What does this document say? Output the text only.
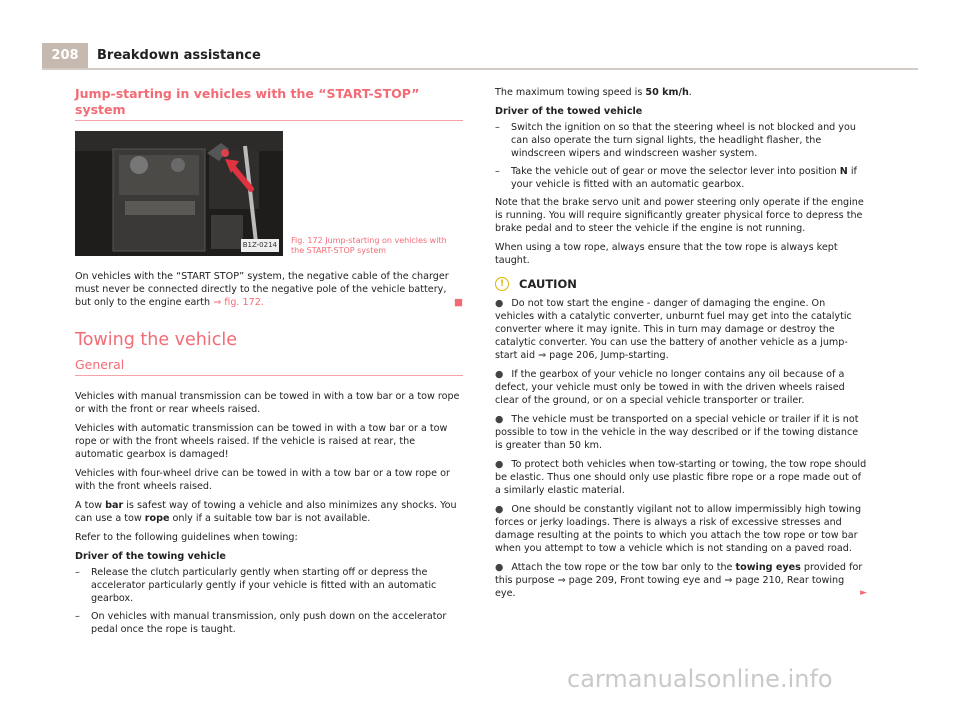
208	Breakdown assistance
Jump-starting in vehicles with the “START-STOP” system
B1Z-0214 Fig. 172 Jump-starting on vehicles with the START-STOP system

On vehicles with the “START STOP” system, the negative cable of the charger must never be connected directly to the negative pole of the vehicle battery, but only to the engine earth ⇒ fig. 172.	■

Towing the vehicle
General

Vehicles with manual transmission can be towed in with a tow bar or a tow rope or with the front or rear wheels raised.

Vehicles with automatic transmission can be towed in with a tow bar or a tow rope or with the front wheels raised. If the vehicle is raised at rear, the automatic gearbox is damaged!

Vehicles with four-wheel drive can be towed in with a tow bar or a tow rope or with the front wheels raised.

A tow bar is safest way of towing a vehicle and also minimizes any shocks. You can use a tow rope only if a suitable tow bar is not available.

Refer to the following guidelines when towing:

Driver of the towing vehicle
–	Release the clutch particularly gently when starting off or depress the accelerator particularly gently if your vehicle is fitted with an automatic gearbox.
–	On vehicles with manual transmission, only push down on the accelerator pedal once the rope is taught.

The maximum towing speed is 50 km/h.

Driver of the towed vehicle
–	Switch the ignition on so that the steering wheel is not blocked and you can also operate the turn signal lights, the headlight flasher, the windscreen wipers and windscreen washer system.
–	Take the vehicle out of gear or move the selector lever into position N if your vehicle is fitted with an automatic gearbox.

Note that the brake servo unit and power steering only operate if the engine is running. You will require significantly greater physical force to depress the brake pedal and to steer the vehicle if the engine is not running.

When using a tow rope, always ensure that the tow rope is always kept taught.

!	CAUTION

● Do not tow start the engine - danger of damaging the engine. On vehicles with a catalytic converter, unburnt fuel may get into the catalytic converter where it may ignite. This in turn may damage or destroy the catalytic converter. You can use the battery of another vehicle as a jump-start aid ⇒ page 206, Jump-starting.

● If the gearbox of your vehicle no longer contains any oil because of a defect, your vehicle must only be towed in with the driven wheels raised clear of the ground, or on a special vehicle transporter or trailer.

● The vehicle must be transported on a special vehicle or trailer if it is not possible to tow in the vehicle in the way described or if the towing distance is greater than 50 km.

● To protect both vehicles when tow-starting or towing, the tow rope should be elastic. Thus one should only use plastic fibre rope or a rope made out of a similarly elastic material.

● One should be constantly vigilant not to allow impermissibly high towing forces or jerky loadings. There is always a risk of excessive stresses and damage resulting at the points to which you attach the tow rope or tow bar when you attempt to tow a vehicle which is not standing on a paved road.

● Attach the tow rope or the tow bar only to the towing eyes provided for this purpose ⇒ page 209, Front towing eye and ⇒ page 210, Rear towing eye.	►

carmanualsonline.info
